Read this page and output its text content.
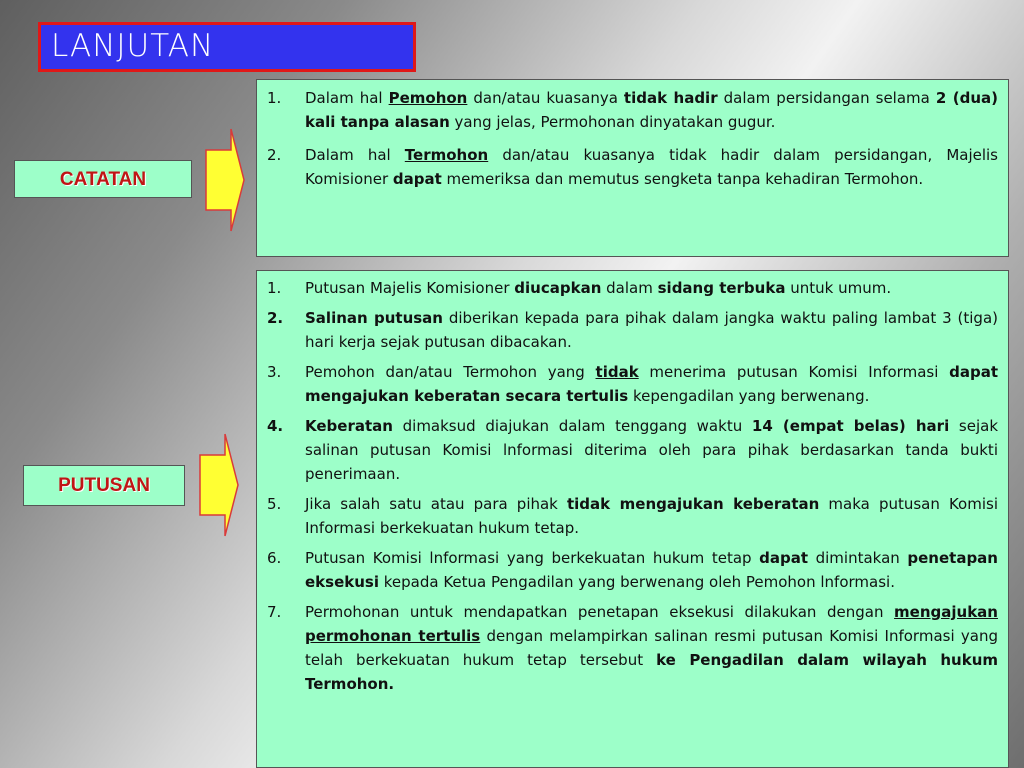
LANJUTAN
CATATAN
1.	Dalam hal Pemohon dan/atau kuasanya tidak hadir dalam persidangan selama 2 (dua) kali tanpa alasan yang jelas, Permohonan dinyatakan gugur.
2.	Dalam hal Termohon dan/atau kuasanya tidak hadir dalam persidangan, Majelis Komisioner dapat memeriksa dan memutus sengketa tanpa kehadiran Termohon.
PUTUSAN
1.	Putusan Majelis Komisioner diucapkan dalam sidang terbuka untuk umum.
2.	Salinan putusan diberikan kepada para pihak dalam jangka waktu paling lambat 3 (tiga) hari kerja sejak putusan dibacakan.
3.	Pemohon dan/atau Termohon yang tidak menerima putusan Komisi Informasi dapat mengajukan keberatan secara tertulis kepengadilan yang berwenang.
4.	Keberatan dimaksud diajukan dalam tenggang waktu 14 (empat belas) hari sejak salinan putusan Komisi lnformasi diterima oleh para pihak berdasarkan tanda bukti penerimaan.
5.	Jika salah satu atau para pihak tidak mengajukan keberatan maka putusan Komisi Informasi berkekuatan hukum tetap.
6.	Putusan Komisi lnformasi yang berkekuatan hukum tetap dapat dimintakan penetapan eksekusi kepada Ketua Pengadilan yang berwenang oleh Pemohon lnformasi.
7.	Permohonan untuk mendapatkan penetapan eksekusi dilakukan dengan mengajukan permohonan tertulis dengan melampirkan salinan resmi putusan Komisi Informasi yang telah berkekuatan hukum tetap tersebut ke Pengadilan dalam wilayah hukum Termohon.
